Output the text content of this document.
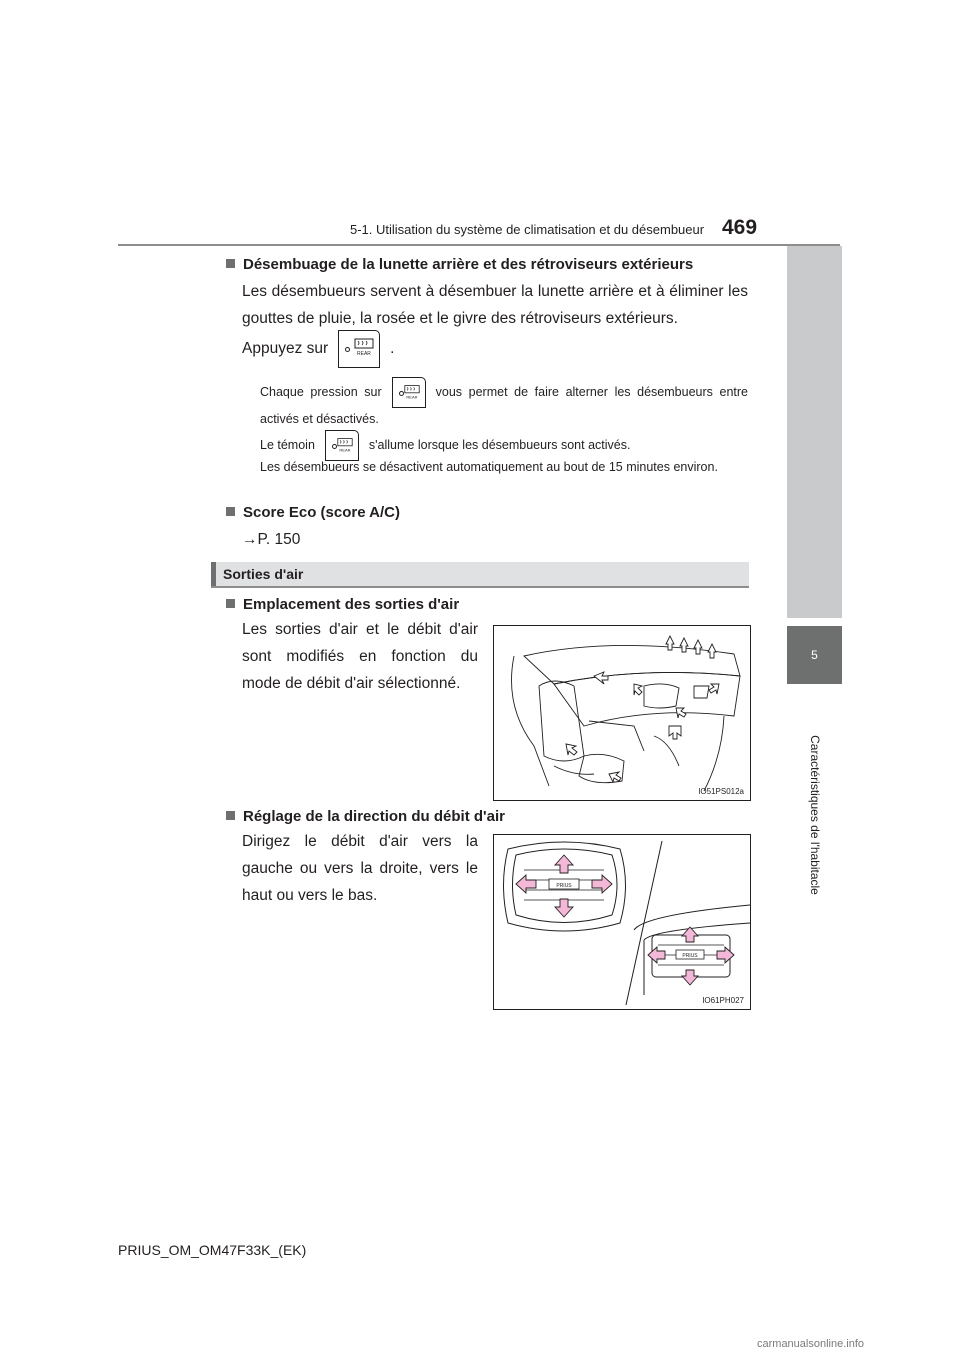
5-1. Utilisation du système de climatisation et du désembueur 469
5
Caractéristiques de l'habitacle
Désembuage de la lunette arrière et des rétroviseurs extérieurs
Les désembueurs servent à désembuer la lunette arrière et à éliminer les gouttes de pluie, la rosée et le givre des rétroviseurs extérieurs.
Appuyez sur	REAR .
Chaque pression sur	REAR vous permet de faire alterner les désembueurs entre activés et désactivés.
Le témoin	REAR s'allume lorsque les désembueurs sont activés.
Les désembueurs se désactivent automatiquement au bout de 15 minutes environ.
Score Eco (score A/C)
→P. 150
Sorties d'air
Emplacement des sorties d'air
Les sorties d'air et le débit d'air sont modifiés en fonction du mode de débit d'air sélectionné.
IO51PS012a
Réglage de la direction du débit d'air
Dirigez le débit d'air vers la gauche ou vers la droite, vers le haut ou vers le bas.
PRIUS
PRIUS
IO61PH027
PRIUS_OM_OM47F33K_(EK)
carmanualsonline.info
